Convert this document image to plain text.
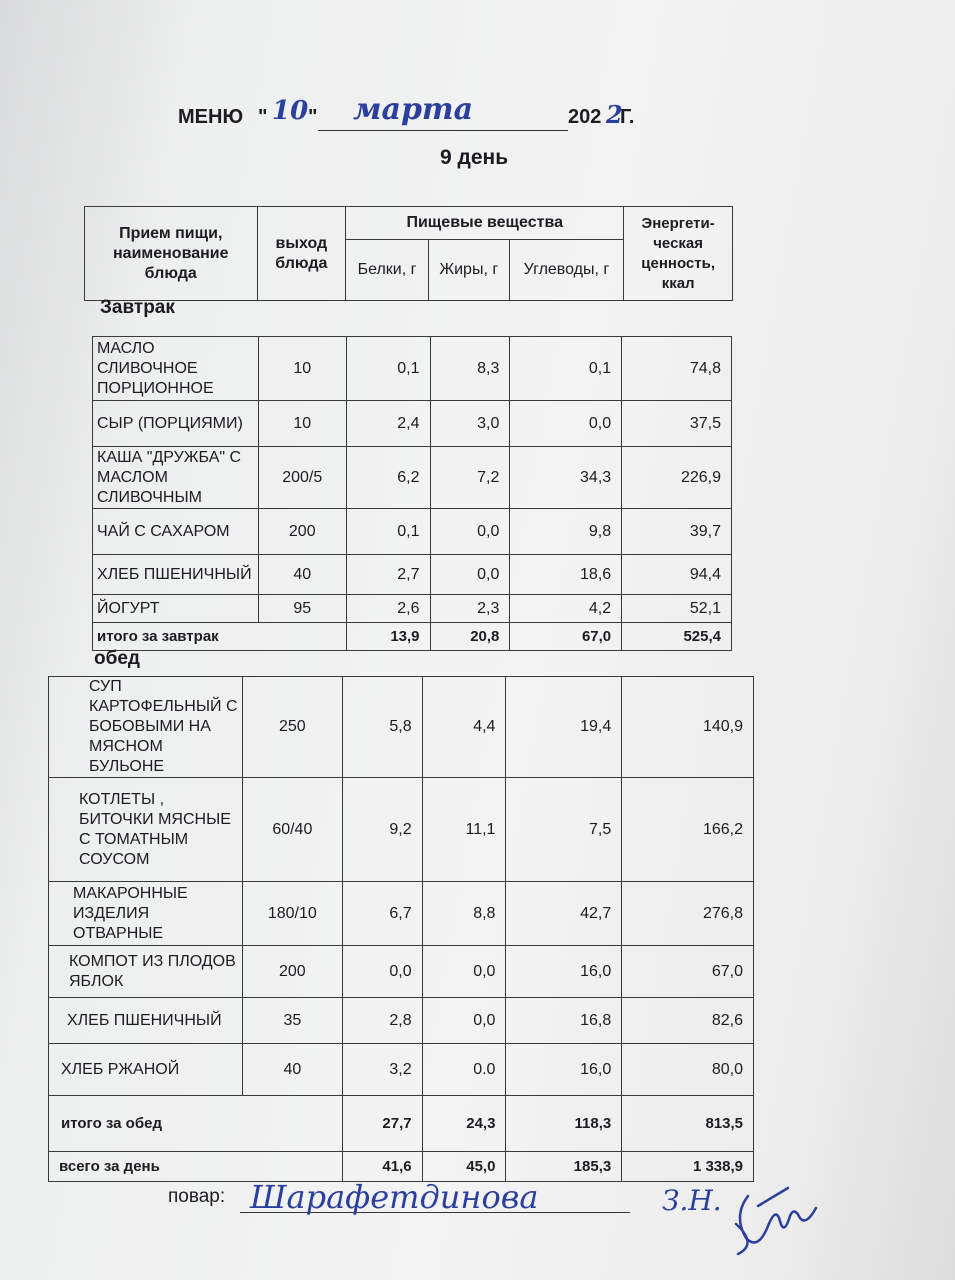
МЕНЮ " 10 " марта	202 2
Г.
9 день
Прием пищи, наименование блюда	выход блюда	Пищевые вещества			Энергети-ческая ценность, ккал
		Белки, г	Жиры, г	Углеводы, г	
Завтрак
МАСЛО СЛИВОЧНОЕ ПОРЦИОННОЕ	10	0,1	8,3	0,1	74,8
СЫР (ПОРЦИЯМИ)	10	2,4	3,0	0,0	37,5
КАША "ДРУЖБА" С МАСЛОМ СЛИВОЧНЫМ	200/5	6,2	7,2	34,3	226,9
ЧАЙ С САХАРОМ	200	0,1	0,0	9,8	39,7
ХЛЕБ ПШЕНИЧНЫЙ	40	2,7	0,0	18,6	94,4
ЙОГУРТ	95	2,6	2,3	4,2	52,1
итого за завтрак		13,9	20,8	67,0	525,4
обед
СУП КАРТОФЕЛЬНЫЙ С БОБОВЫМИ НА МЯСНОМ БУЛЬОНЕ	250	5,8	4,4	19,4	140,9
КОТЛЕТЫ , БИТОЧКИ МЯСНЫЕ С ТОМАТНЫМ СОУСОМ	60/40	9,2	11,1	7,5	166,2
МАКАРОННЫЕ ИЗДЕЛИЯ ОТВАРНЫЕ	180/10	6,7	8,8	42,7	276,8
КОМПОТ ИЗ ПЛОДОВ ЯБЛОК	200	0,0	0,0	16,0	67,0
ХЛЕБ ПШЕНИЧНЫЙ	35	2,8	0,0	16,8	82,6
ХЛЕБ РЖАНОЙ	40	3,2	0.0	16,0	80,0
итого за обед		27,7	24,3	118,3	813,5
всего за день		41,6	45,0	185,3	1 338,9
повар: Шарафетдинова	З.Н.
